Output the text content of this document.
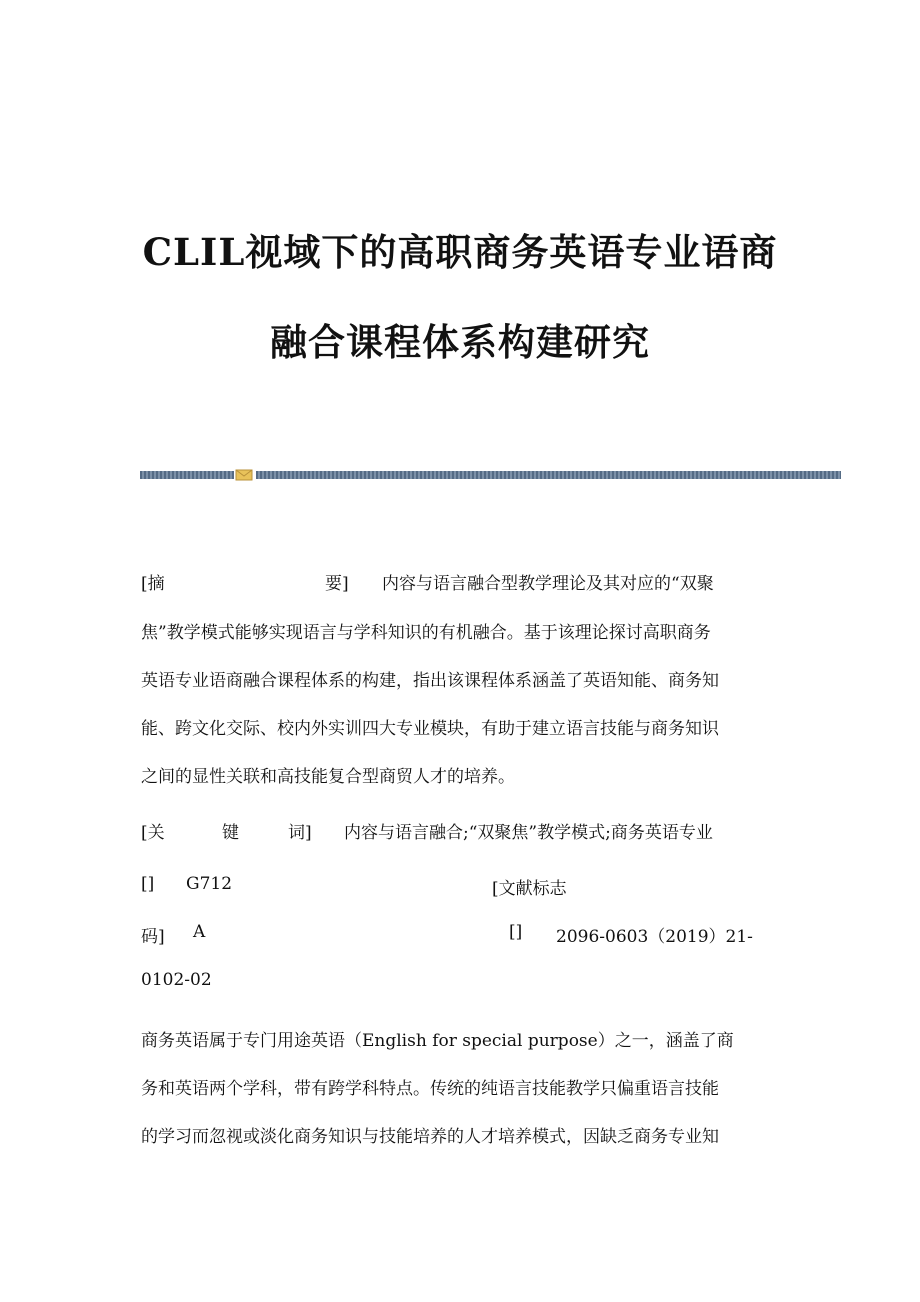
CLIL视域下的高职商务英语专业语商
融合课程体系构建研究
[摘	要] 内容与语言融合型教学理论及其对应的“双聚
焦”教学模式能够实现语言与学科知识的有机融合。基于该理论探讨高职商务
英语专业语商融合课程体系的构建，指出该课程体系涵盖了英语知能、商务知
能、跨文化交际、校内外实训四大专业模块，有助于建立语言技能与商务知识
之间的显性关联和高技能复合型商贸人才的培养。
[关	键	词] 内容与语言融合;“双聚焦”教学模式;商务英语专业
[] G712	[文献标志
码] A	[] 2096-0603（2019）21-
0102-02
商务英语属于专门用途英语（English for special purpose）之一，涵盖了商
务和英语两个学科，带有跨学科特点。传统的纯语言技能教学只偏重语言技能
的学习而忽视或淡化商务知识与技能培养的人才培养模式，因缺乏商务专业知
